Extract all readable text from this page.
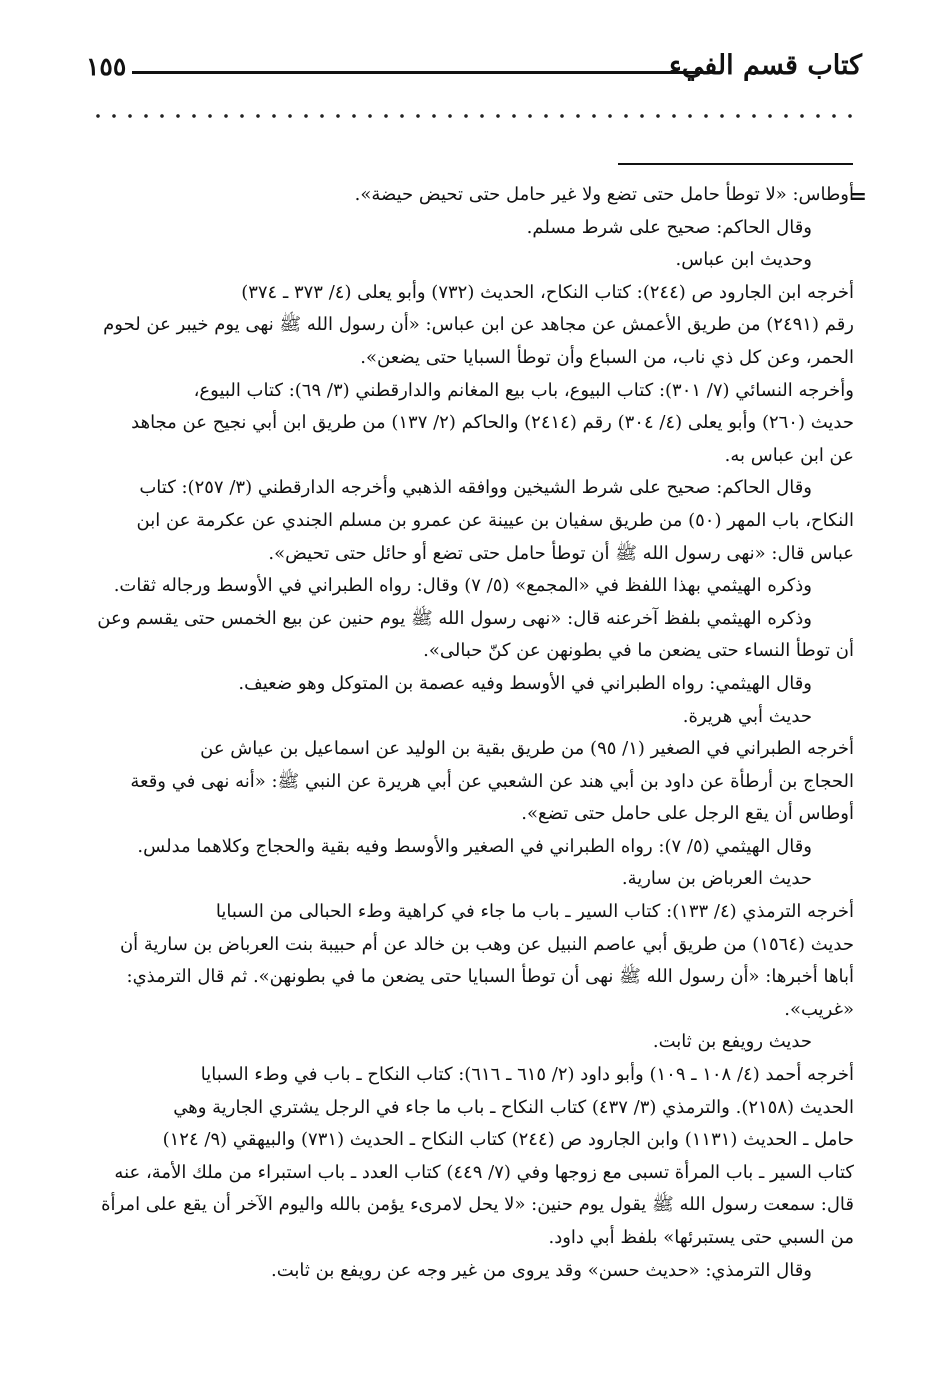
كتاب قسم الفيء
١٥٥
=

أوطاس: «لا توطأ حامل حتى تضع ولا غير حامل حتى تحيض حيضة».

وقال الحاكم: صحيح على شرط مسلم.

وحديث ابن عباس.

أخرجه ابن الجارود ص (٢٤٤): كتاب النكاح، الحديث (٧٣٢) وأبو يعلى (٤/ ٣٧٣ ـ ٣٧٤)

رقم (٢٤٩١) من طريق الأعمش عن مجاهد عن ابن عباس: «أن رسول الله ﷺ نهى يوم خيبر عن لحوم

الحمر، وعن كل ذي ناب، من السباع وأن توطأ السبايا حتى يضعن».

وأخرجه النسائي (٧/ ٣٠١): كتاب البيوع، باب بيع المغانم والدارقطني (٣/ ٦٩): كتاب البيوع،

حديث (٢٦٠) وأبو يعلى (٤/ ٣٠٤) رقم (٢٤١٤) والحاكم (٢/ ١٣٧) من طريق ابن أبي نجيح عن مجاهد

عن ابن عباس به.

وقال الحاكم: صحيح على شرط الشيخين ووافقه الذهبي وأخرجه الدارقطني (٣/ ٢٥٧): كتاب

النكاح، باب المهر (٥٠) من طريق سفيان بن عيينة عن عمرو بن مسلم الجندي عن عكرمة عن ابن

عباس قال: «نهى رسول الله ﷺ أن توطأ حامل حتى تضع أو حائل حتى تحيض».

وذكره الهيثمي بهذا اللفظ في «المجمع» (٥/ ٧) وقال: رواه الطبراني في الأوسط ورجاله ثقات.

وذكره الهيثمي بلفظ آخرعنه قال: «نهى رسول الله ﷺ يوم حنين عن بيع الخمس حتى يقسم وعن

أن توطأ النساء حتى يضعن ما في بطونهن عن كنّ حبالى».

وقال الهيثمي: رواه الطبراني في الأوسط وفيه عصمة بن المتوكل وهو ضعيف.

حديث أبي هريرة.

أخرجه الطبراني في الصغير (١/ ٩٥) من طريق بقية بن الوليد عن اسماعيل بن عياش عن

الحجاج بن أرطأة عن داود بن أبي هند عن الشعبي عن أبي هريرة عن النبي ﷺ: «أنه نهى في وقعة

أوطاس أن يقع الرجل على حامل حتى تضع».

وقال الهيثمي (٥/ ٧): رواه الطبراني في الصغير والأوسط وفيه بقية والحجاج وكلاهما مدلس.

حديث العرباض بن سارية.

أخرجه الترمذي (٤/ ١٣٣): كتاب السير ـ باب ما جاء في كراهية وطء الحبالى من السبايا

حديث (١٥٦٤) من طريق أبي عاصم النبيل عن وهب بن خالد عن أم حبيبة بنت العرباض بن سارية أن

أباها أخبرها: «أن رسول الله ﷺ نهى أن توطأ السبايا حتى يضعن ما في بطونهن». ثم قال الترمذي:

«غريب».

حديث رويفع بن ثابت.

أخرجه أحمد (٤/ ١٠٨ ـ ١٠٩) وأبو داود (٢/ ٦١٥ ـ ٦١٦): كتاب النكاح ـ باب في وطء السبايا

الحديث (٢١٥٨). والترمذي (٣/ ٤٣٧) كتاب النكاح ـ باب ما جاء في الرجل يشتري الجارية وهي

حامل ـ الحديث (١١٣١) وابن الجارود ص (٢٤٤) كتاب النكاح ـ الحديث (٧٣١) والبيهقي (٩/ ١٢٤)

كتاب السير ـ باب المرأة تسبى مع زوجها وفي (٧/ ٤٤٩) كتاب العدد ـ باب استبراء من ملك الأمة، عنه

قال: سمعت رسول الله ﷺ يقول يوم حنين: «لا يحل لامرىء يؤمن بالله واليوم الآخر أن يقع على امرأة

من السبي حتى يستبرئها» بلفظ أبي داود.

وقال الترمذي: «حديث حسن» وقد يروى من غير وجه عن رويفع بن ثابت.
